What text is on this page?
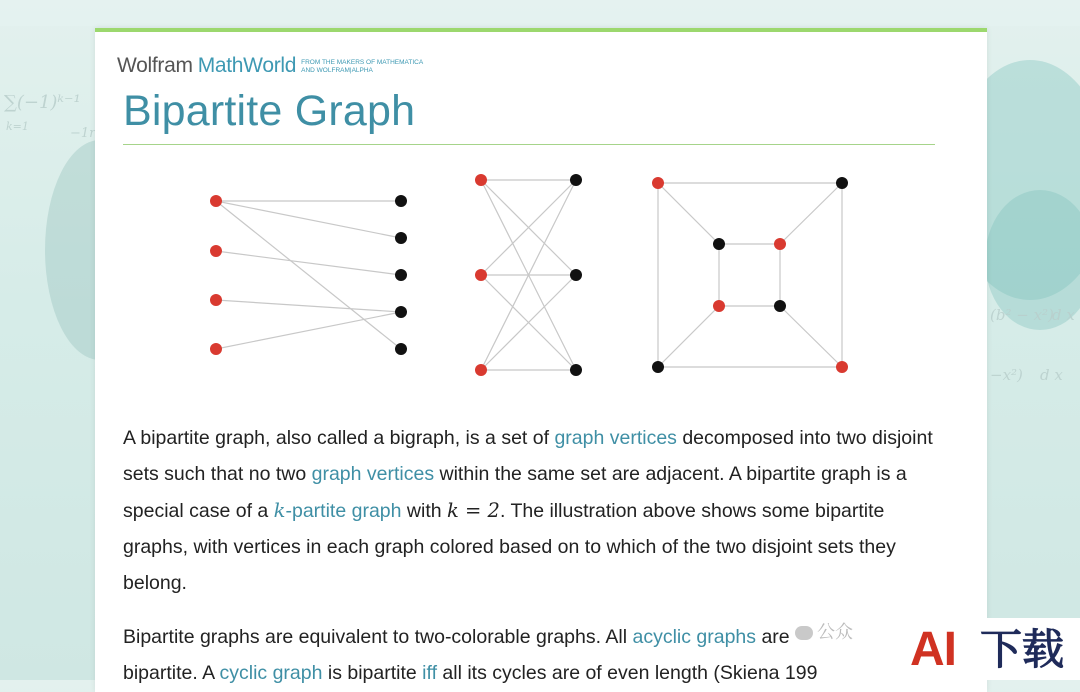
∑(−1)ᵏ⁻¹
k=1	−1r
(b² − x²)
d x
−x²) d x
Wolfram MathWorld FROM THE MAKERS OF MATHEMATICA
AND WOLFRAM|ALPHA
Bipartite Graph

A bipartite graph, also called a bigraph, is a set of graph vertices decomposed into two disjoint sets such that no two graph vertices within the same set are adjacent. A bipartite graph is a special case of a k-partite graph with k = 2. The illustration above shows some bipartite graphs, with vertices in each graph colored based on to which of the two disjoint sets they belong.

Bipartite graphs are equivalent to two-colorable graphs. All acyclic graphs are
bipartite. A cyclic graph is bipartite iff all its cycles are of even length (Skiena 199

公众 AI 下载
